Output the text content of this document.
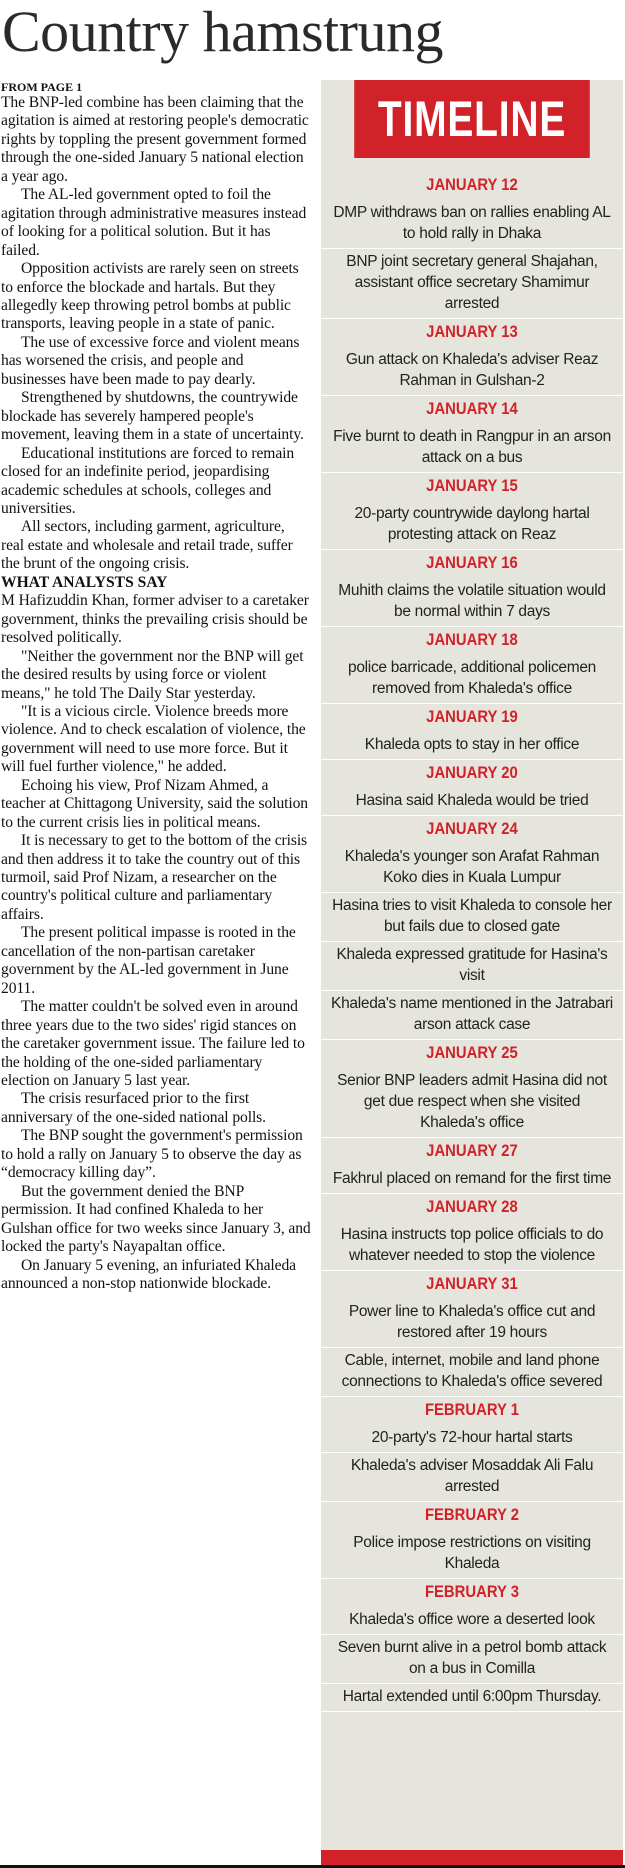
Country hamstrung
FROM PAGE 1

The BNP-led combine has been claiming that the agitation is aimed at restoring people's democratic rights by toppling the present government formed through the one-sided January 5 national election a year ago.

The AL-led government opted to foil the agitation through administrative measures instead of looking for a political solution. But it has failed.

Opposition activists are rarely seen on streets to enforce the blockade and hartals. But they allegedly keep throwing petrol bombs at public transports, leaving people in a state of panic.

The use of excessive force and violent means has worsened the crisis, and people and businesses have been made to pay dearly.

Strengthened by shutdowns, the countrywide blockade has severely hampered people's movement, leaving them in a state of uncertainty.

Educational institutions are forced to remain closed for an indefinite period, jeopardising academic schedules at schools, colleges and universities.

All sectors, including garment, agriculture, real estate and wholesale and retail trade, suffer the brunt of the ongoing crisis.

WHAT ANALYSTS SAY

M Hafizuddin Khan, former adviser to a caretaker government, thinks the prevailing crisis should be resolved politically.

"Neither the government nor the BNP will get the desired results by using force or violent means," he told The Daily Star yesterday.

"It is a vicious circle. Violence breeds more violence. And to check escalation of violence, the government will need to use more force. But it will fuel further violence," he added.

Echoing his view, Prof Nizam Ahmed, a teacher at Chittagong University, said the solution to the current crisis lies in political means.

It is necessary to get to the bottom of the crisis and then address it to take the country out of this turmoil, said Prof Nizam, a researcher on the country's political culture and parliamentary affairs.

The present political impasse is rooted in the cancellation of the non-partisan caretaker government by the AL-led government in June 2011.

The matter couldn't be solved even in around three years due to the two sides' rigid stances on the caretaker government issue. The failure led to the holding of the one-sided parliamentary election on January 5 last year.

The crisis resurfaced prior to the first anniversary of the one-sided national polls.

The BNP sought the government's permission to hold a rally on January 5 to observe the day as “democracy killing day”.

But the government denied the BNP permission. It had confined Khaleda to her Gulshan office for two weeks since January 3, and locked the party's Nayapaltan office.

On January 5 evening, an infuriated Khaleda announced a non-stop nationwide blockade.

TIMELINE
JANUARY 12
DMP withdraws ban on rallies enabling AL to hold rally in Dhaka
BNP joint secretary general Shajahan, assistant office secretary Shamimur arrested
JANUARY 13
Gun attack on Khaleda's adviser Reaz Rahman in Gulshan-2
JANUARY 14
Five burnt to death in Rangpur in an arson attack on a bus
JANUARY 15
20-party countrywide daylong hartal protesting attack on Reaz
JANUARY 16
Muhith claims the volatile situation would be normal within 7 days
JANUARY 18
police barricade, additional policemen removed from Khaleda's office
JANUARY 19
Khaleda opts to stay in her office
JANUARY 20
Hasina said Khaleda would be tried
JANUARY 24
Khaleda's younger son Arafat Rahman Koko dies in Kuala Lumpur
Hasina tries to visit Khaleda to console her but fails due to closed gate
Khaleda expressed gratitude for Hasina's visit
Khaleda's name mentioned in the Jatrabari arson attack case
JANUARY 25
Senior BNP leaders admit Hasina did not get due respect when she visited Khaleda's office
JANUARY 27
Fakhrul placed on remand for the first time
JANUARY 28
Hasina instructs top police officials to do whatever needed to stop the violence
JANUARY 31
Power line to Khaleda's office cut and restored after 19 hours
Cable, internet, mobile and land phone connections to Khaleda's office severed
FEBRUARY 1
20-party's 72-hour hartal starts
Khaleda's adviser Mosaddak Ali Falu arrested
FEBRUARY 2
Police impose restrictions on visiting Khaleda
FEBRUARY 3
Khaleda's office wore a deserted look
Seven burnt alive in a petrol bomb attack on a bus in Comilla
Hartal extended until 6:00pm Thursday.
